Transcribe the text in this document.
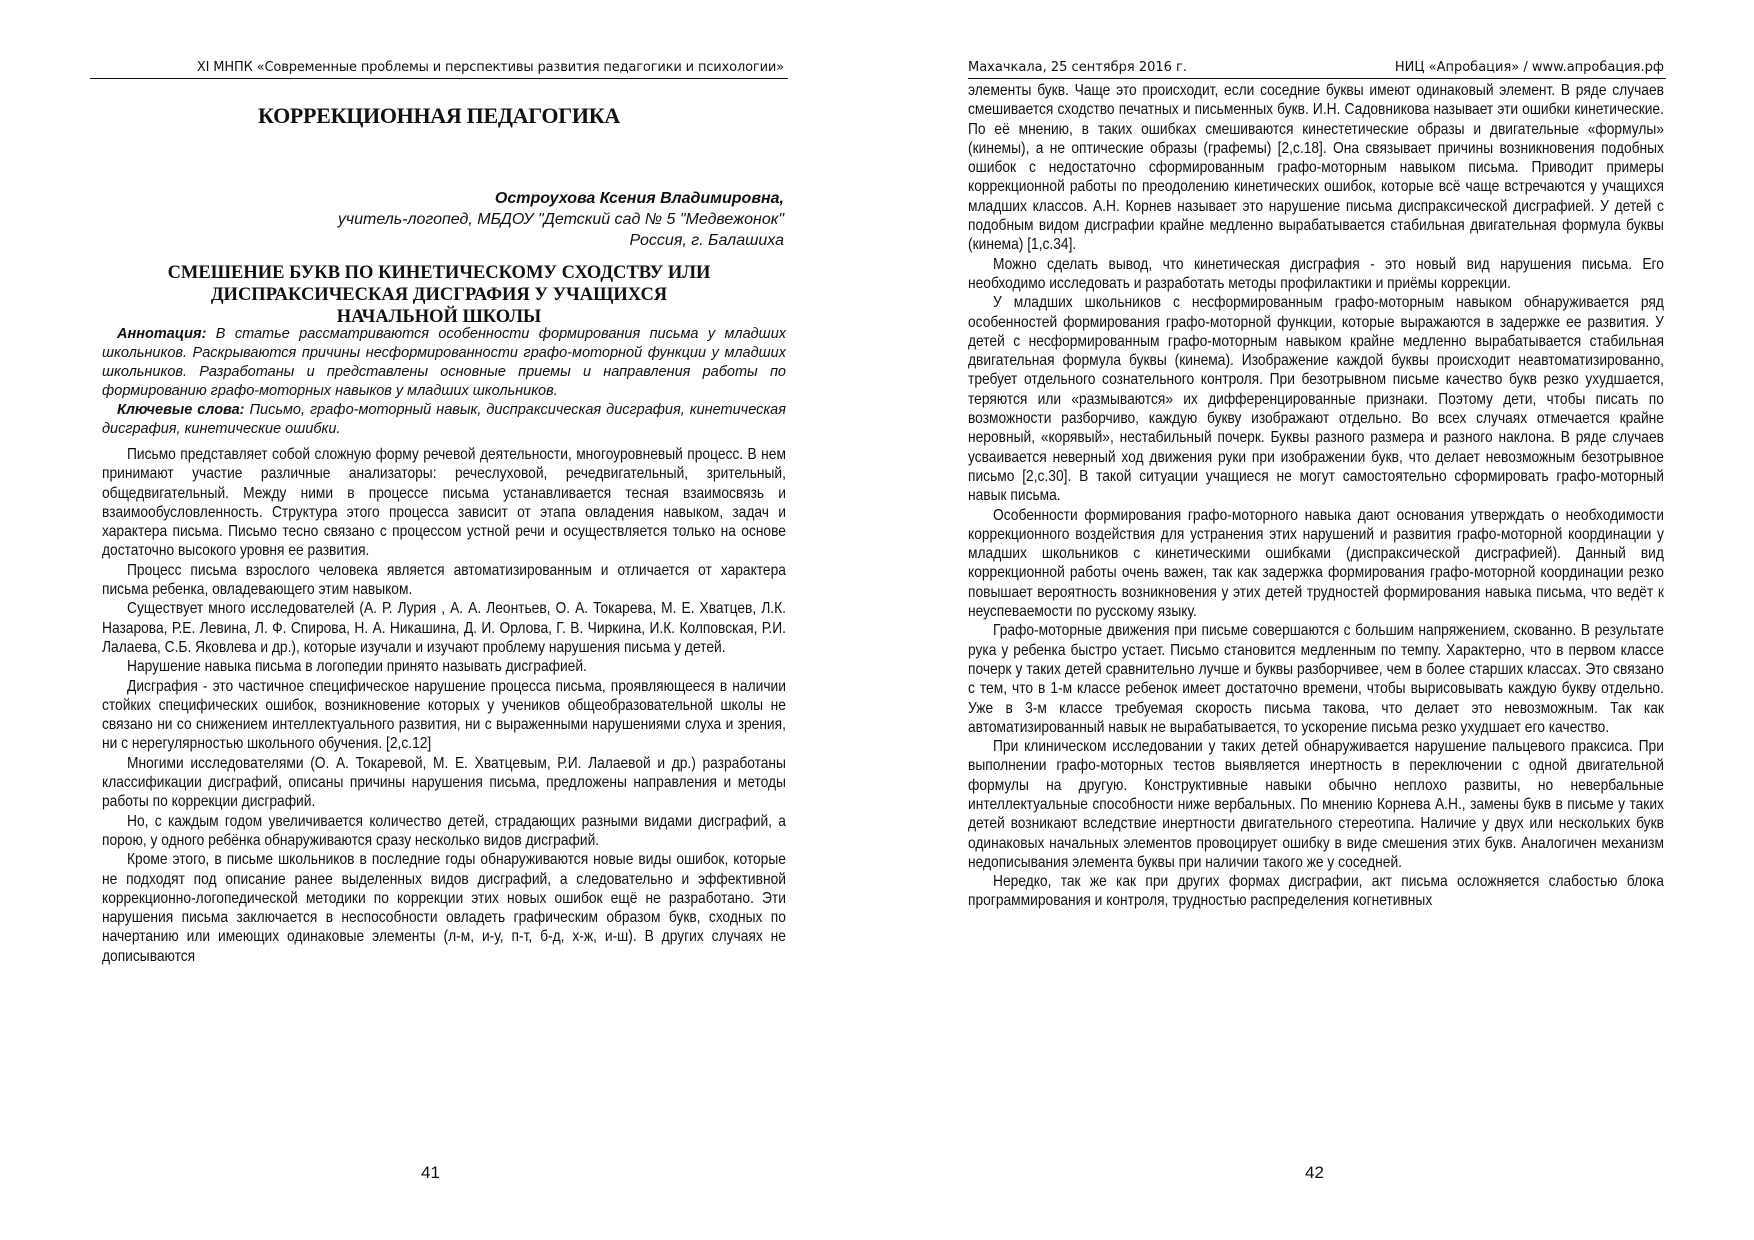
XI МНПК «Современные проблемы и перспективы развития педагогики и психологии»
КОРРЕКЦИОННАЯ ПЕДАГОГИКА
Остроухова Ксения Владимировна,
учитель-логопед, МБДОУ "Детский сад № 5 "Медвежонок"
Россия, г. Балашиха
СМЕШЕНИЕ БУКВ ПО КИНЕТИЧЕСКОМУ СХОДСТВУ ИЛИ
ДИСПРАКСИЧЕСКАЯ ДИСГРАФИЯ У УЧАЩИХСЯ
НАЧАЛЬНОЙ ШКОЛЫ

Аннотация: В статье рассматриваются особенности формирования письма у младших школьников. Раскрываются причины несформированности графо-моторной функции у младших школьников. Разработаны и представлены основные приемы и направления работы по формированию графо-моторных навыков у младших школьников.

Ключевые слова: Письмо, графо-моторный навык, диспраксическая дисграфия, кинетическая дисграфия, кинетические ошибки.

Письмо представляет собой сложную форму речевой деятельности, многоуровневый процесс. В нем принимают участие различные анализаторы: речеслуховой, речедвигательный, зрительный, общедвигательный. Между ними в процессе письма устанавливается тесная взаимосвязь и взаимообусловленность. Структура этого процесса зависит от этапа овладения навыком, задач и характера письма. Письмо тесно связано с процессом устной речи и осуществляется только на основе достаточно высокого уровня ее развития.

Процесс письма взрослого человека является автоматизированным и отличается от характера письма ребенка, овладевающего этим навыком.

Существует много исследователей (А. Р. Лурия , А. А. Леонтьев, О. А. Токарева, М. Е. Хватцев, Л.К. Назарова, Р.Е. Левина, Л. Ф. Спирова, Н. А. Никашина, Д. И. Орлова, Г. В. Чиркина, И.К. Колповская, Р.И. Лалаева, С.Б. Яковлева и др.), которые изучали и изучают проблему нарушения письма у детей.

Нарушение навыка письма в логопедии принято называть дисграфией.

Дисграфия - это частичное специфическое нарушение процесса письма, проявляющееся в наличии стойких специфических ошибок, возникновение которых у учеников общеобразовательной школы не связано ни со снижением интеллектуального развития, ни с выраженными нарушениями слуха и зрения, ни с нерегулярностью школьного обучения. [2,с.12]

Многими исследователями (О. А. Токаревой, М. Е. Хватцевым, Р.И. Лалаевой и др.) разработаны классификации дисграфий, описаны причины нарушения письма, предложены направления и методы работы по коррекции дисграфий.

Но, с каждым годом увеличивается количество детей, страдающих разными видами дисграфий, а порою, у одного ребёнка обнаруживаются сразу несколько видов дисграфий.

Кроме этого, в письме школьников в последние годы обнаруживаются новые виды ошибок, которые не подходят под описание ранее выделенных видов дисграфий, а следовательно и эффективной коррекционно-логопедической методики по коррекции этих новых ошибок ещё не разработано. Эти нарушения письма заключается в неспособности овладеть графическим образом букв, сходных по начертанию или имеющих одинаковые элементы (л-м, и-у, п-т, б-д, х-ж, и-ш). В других случаях не дописываются

41
Махачкала, 25 сентября 2016 г.	НИЦ «Апробация» / www.апробация.рф

элементы букв. Чаще это происходит, если соседние буквы имеют одинаковый элемент. В ряде случаев смешивается сходство печатных и письменных букв. И.Н. Садовникова называет эти ошибки кинетические. По её мнению, в таких ошибках смешиваются кинестетические образы и двигательные «формулы» (кинемы), а не оптические образы (графемы) [2,с.18]. Она связывает причины возникновения подобных ошибок с недостаточно сформированным графо-моторным навыком письма. Приводит примеры коррекционной работы по преодолению кинетических ошибок, которые всё чаще встречаются у учащихся младших классов. А.Н. Корнев называет это нарушение письма диспраксической дисграфией. У детей с подобным видом дисграфии крайне медленно вырабатывается стабильная двигательная формула буквы (кинема) [1,с.34].

Можно сделать вывод, что кинетическая дисграфия - это новый вид нарушения письма. Его необходимо исследовать и разработать методы профилактики и приёмы коррекции.

У младших школьников с несформированным графо-моторным навыком обнаруживается ряд особенностей формирования графо-моторной функции, которые выражаются в задержке ее развития. У детей с несформированным графо-моторным навыком крайне медленно вырабатывается стабильная двигательная формула буквы (кинема). Изображение каждой буквы происходит неавтоматизированно, требует отдельного сознательного контроля. При безотрывном письме качество букв резко ухудшается, теряются или «размываются» их дифференцированные признаки. Поэтому дети, чтобы писать по возможности разборчиво, каждую букву изображают отдельно. Во всех случаях отмечается крайне неровный, «корявый», нестабильный почерк. Буквы разного размера и разного наклона. В ряде случаев усваивается неверный ход движения руки при изображении букв, что делает невозможным безотрывное письмо [2,с.30]. В такой ситуации учащиеся не могут самостоятельно сформировать графо-моторный навык письма.

Особенности формирования графо-моторного навыка дают основания утверждать о необходимости коррекционного воздействия для устранения этих нарушений и развития графо-моторной координации у младших школьников с кинетическими ошибками (диспраксической дисграфией). Данный вид коррекционной работы очень важен, так как задержка формирования графо-моторной координации резко повышает вероятность возникновения у этих детей трудностей формирования навыка письма, что ведёт к неуспеваемости по русскому языку.

Графо-моторные движения при письме совершаются с большим напряжением, скованно. В результате рука у ребенка быстро устает. Письмо становится медленным по темпу. Характерно, что в первом классе почерк у таких детей сравнительно лучше и буквы разборчивее, чем в более старших классах. Это связано с тем, что в 1-м классе ребенок имеет достаточно времени, чтобы вырисовывать каждую букву отдельно. Уже в 3-м классе требуемая скорость письма такова, что делает это невозможным. Так как автоматизированный навык не вырабатывается, то ускорение письма резко ухудшает его качество.

При клиническом исследовании у таких детей обнаруживается нарушение пальцевого праксиса. При выполнении графо-моторных тестов выявляется инертность в переключении с одной двигательной формулы на другую. Конструктивные навыки обычно неплохо развиты, но невербальные интеллектуальные способности ниже вербальных. По мнению Корнева А.Н., замены букв в письме у таких детей возникают вследствие инертности двигательного стереотипа. Наличие у двух или нескольких букв одинаковых начальных элементов провоцирует ошибку в виде смешения этих букв. Аналогичен механизм недописывания элемента буквы при наличии такого же у соседней.

Нередко, так же как при других формах дисграфии, акт письма осложняется слабостью блока программирования и контроля, трудностью распределения когнетивных

42
